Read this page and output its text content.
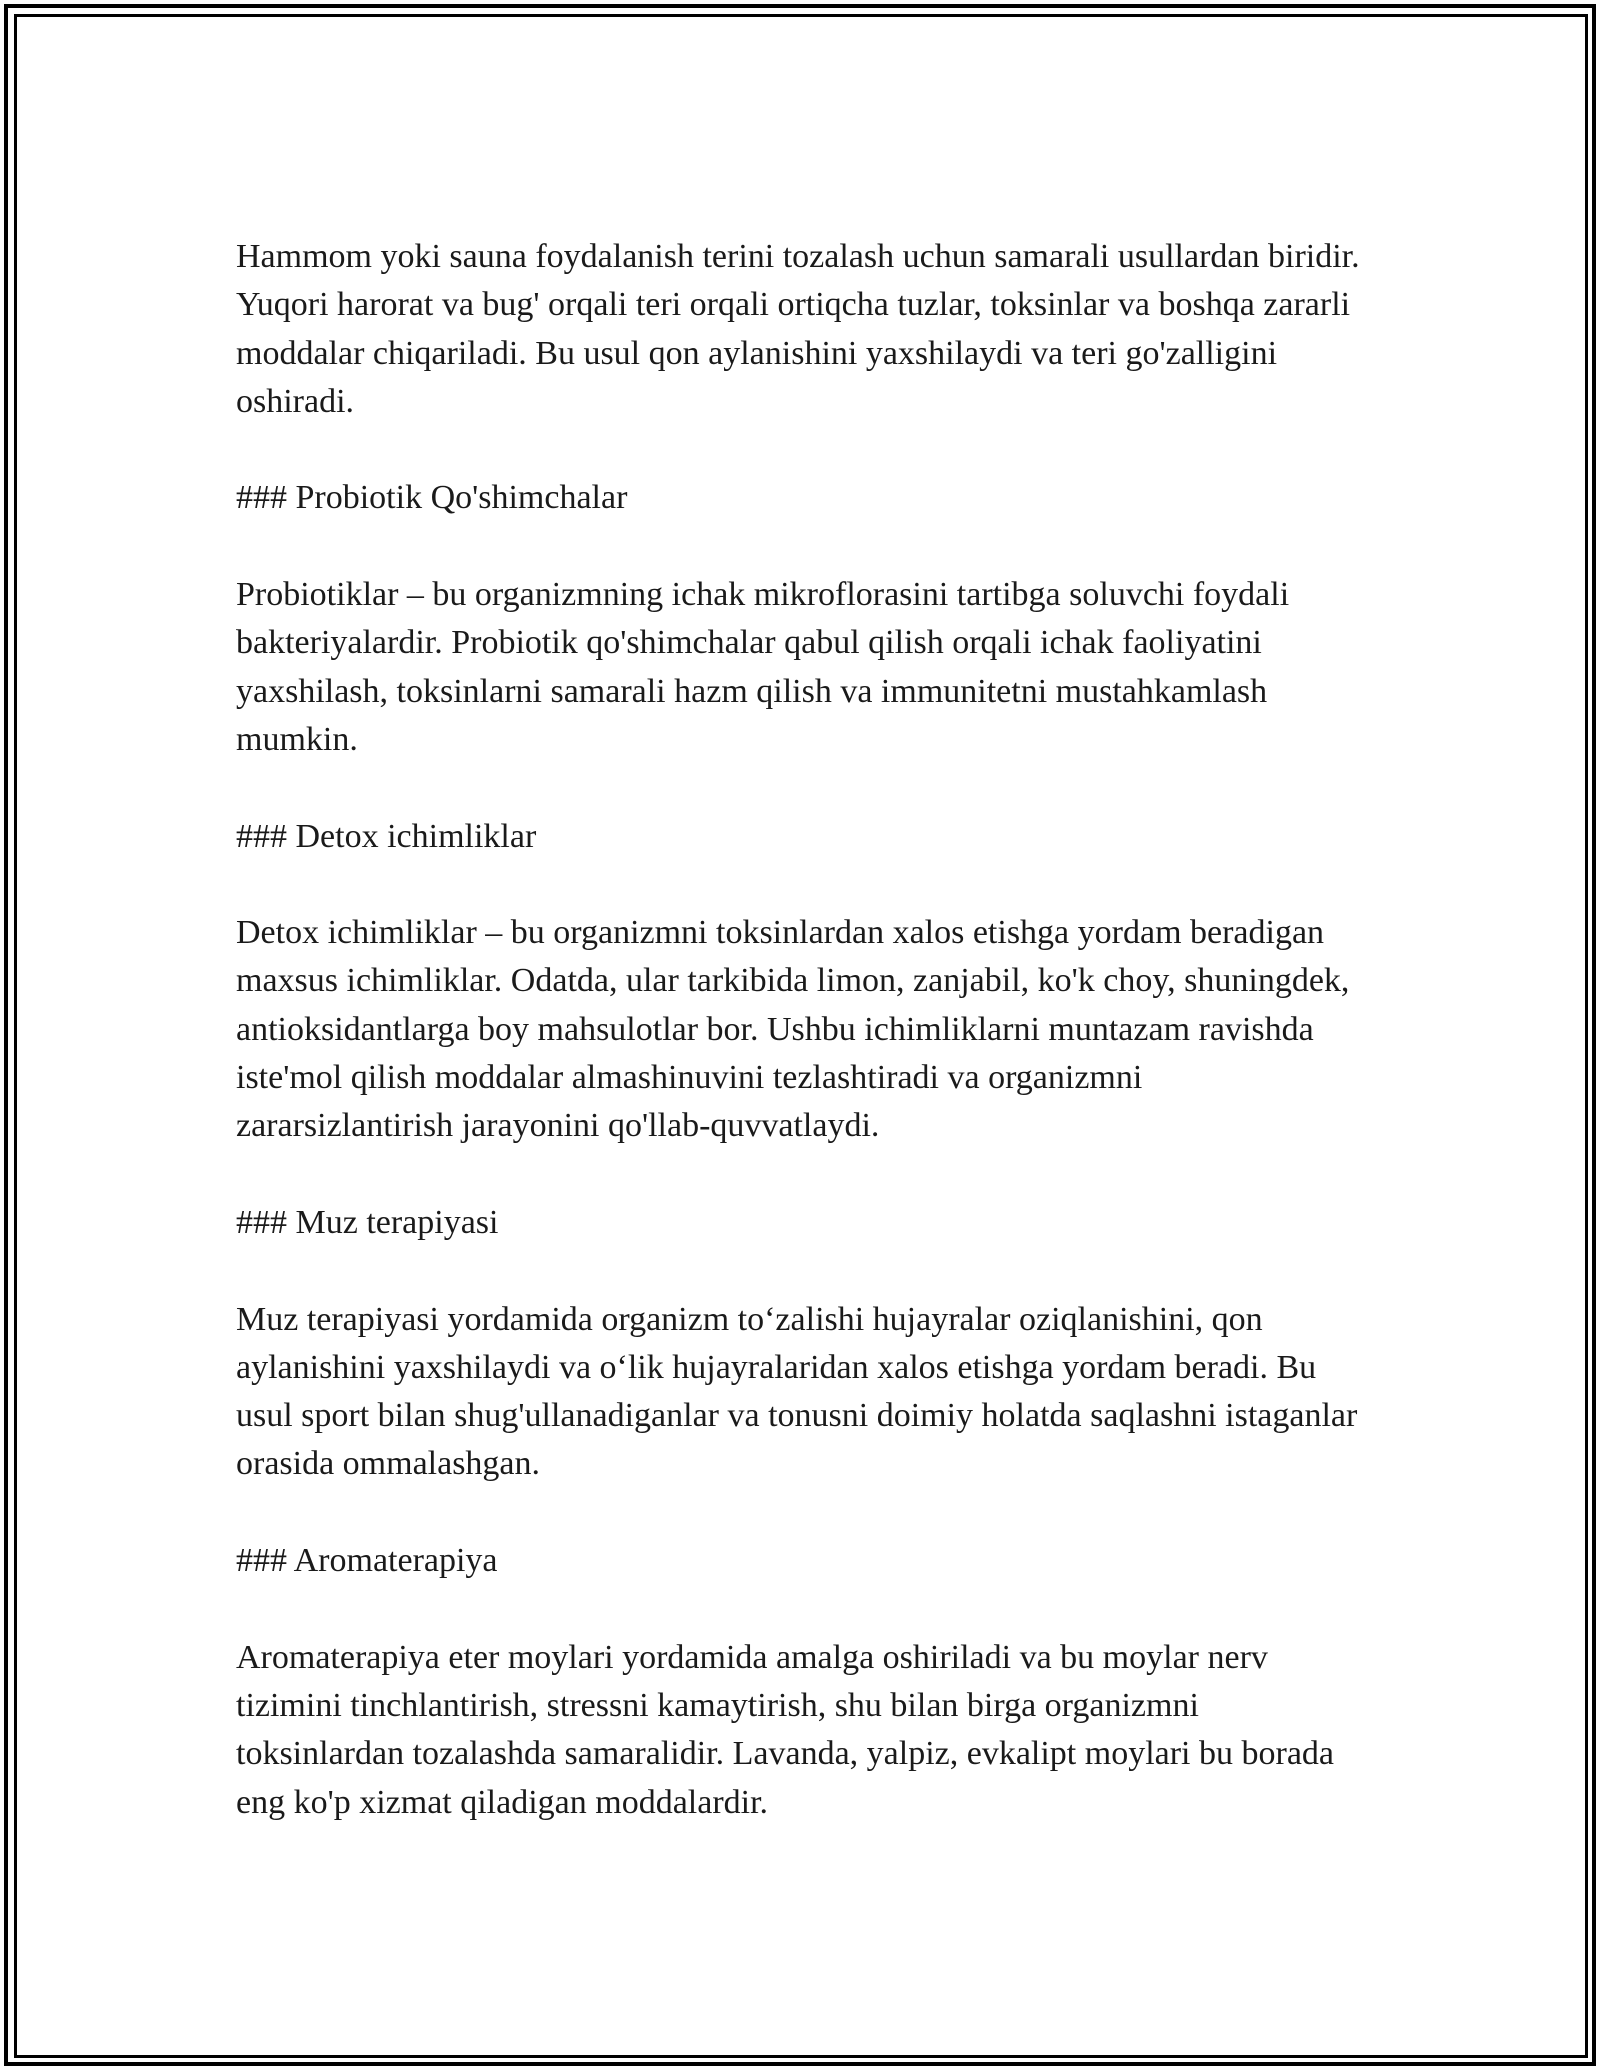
Hammom yoki sauna foydalanish terini tozalash uchun samarali usullardan biridir. Yuqori harorat va bug' orqali teri orqali ortiqcha tuzlar, toksinlar va boshqa zararli moddalar chiqariladi. Bu usul qon aylanishini yaxshilaydi va teri go'zalligini oshiradi.

### Probiotik Qo'shimchalar

Probiotiklar – bu organizmning ichak mikroflorasini tartibga soluvchi foydali bakteriyalardir. Probiotik qo'shimchalar qabul qilish orqali ichak faoliyatini yaxshilash, toksinlarni samarali hazm qilish va immunitetni mustahkamlash mumkin.

### Detox ichimliklar

Detox ichimliklar – bu organizmni toksinlardan xalos etishga yordam beradigan maxsus ichimliklar. Odatda, ular tarkibida limon, zanjabil, ko'k choy, shuningdek, antioksidantlarga boy mahsulotlar bor. Ushbu ichimliklarni muntazam ravishda iste'mol qilish moddalar almashinuvini tezlashtiradi va organizmni zararsizlantirish jarayonini qo'llab-quvvatlaydi.

### Muz terapiyasi

Muz terapiyasi yordamida organizm to‘zalishi hujayralar oziqlanishini, qon aylanishini yaxshilaydi va o‘lik hujayralaridan xalos etishga yordam beradi. Bu usul sport bilan shug'ullanadiganlar va tonusni doimiy holatda saqlashni istaganlar orasida ommalashgan.

### Aromaterapiya

Aromaterapiya eter moylari yordamida amalga oshiriladi va bu moylar nerv tizimini tinchlantirish, stressni kamaytirish, shu bilan birga organizmni toksinlardan tozalashda samaralidir. Lavanda, yalpiz, evkalipt moylari bu borada eng ko'p xizmat qiladigan moddalardir.
